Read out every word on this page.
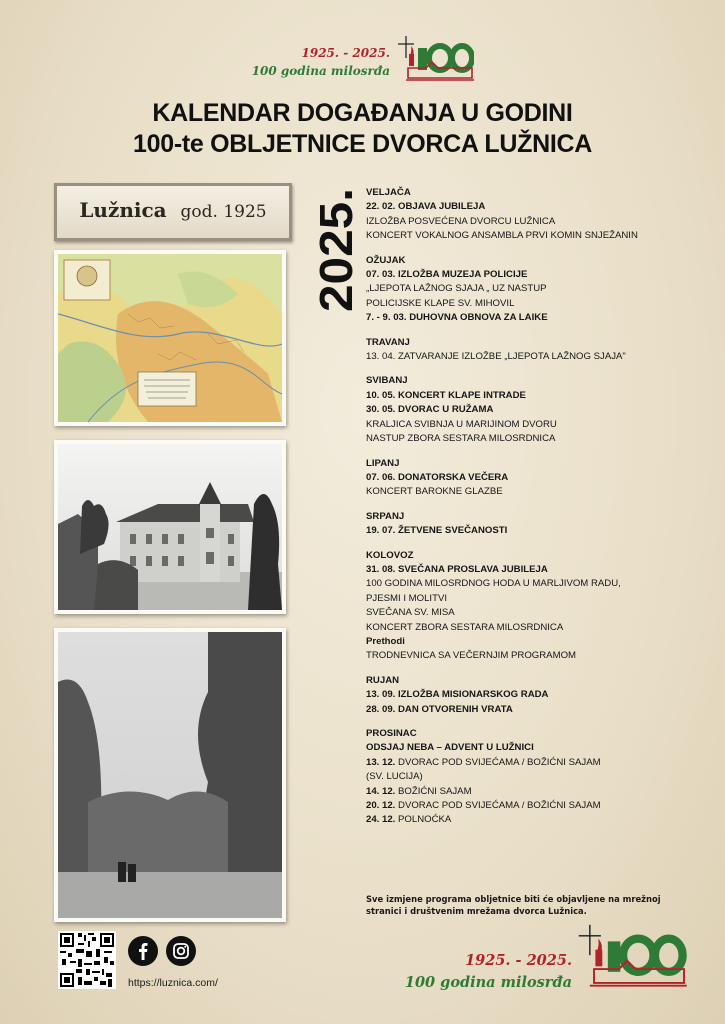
1925. - 2025.
100 godina milosrđa
KALENDAR DOGAĐANJA U GODINI
100-te OBLJETNICE DVORCA LUŽNICA
Lužnica god. 1925 2025.
VELJAČA
22. 02. OBJAVA JUBILEJA
IZLOŽBA POSVEĆENA DVORCU LUŽNICA
KONCERT VOKALNOG ANSAMBLA PRVI KOMIN SNJEŽANIN
OŽUJAK
07. 03. IZLOŽBA MUZEJA POLICIJE
„LJEPOTA LAŽNOG SJAJA „ UZ NASTUP
POLICIJSKE KLAPE SV. MIHOVIL
7. - 9. 03. DUHOVNA OBNOVA ZA LAIKE
TRAVANJ
13. 04. ZATVARANJE IZLOŽBE „LJEPOTA LAŽNOG SJAJA"
SVIBANJ
10. 05. KONCERT KLAPE INTRADE
30. 05. DVORAC U RUŽAMA
KRALJICA SVIBNJA U MARIJINOM DVORU
NASTUP ZBORA SESTARA MILOSRDNICA
LIPANJ
07. 06. DONATORSKA VEČERA
KONCERT BAROKNE GLAZBE
SRPANJ
19. 07. ŽETVENE SVEČANOSTI
KOLOVOZ
31. 08. SVEČANA PROSLAVA JUBILEJA
100 GODINA MILOSRDNOG HODA U MARLJIVOM RADU,
PJESMI I MOLITVI
SVEČANA SV. MISA
KONCERT ZBORA SESTARA MILOSRDNICA
Prethodi
TRODNEVNICA SA VEČERNJIM PROGRAMOM
RUJAN
13. 09. IZLOŽBA MISIONARSKOG RADA
28. 09. DAN OTVORENIH VRATA
PROSINAC
ODSJAJ NEBA – ADVENT U LUŽNICI
13. 12. DVORAC POD SVIJEĆAMA / BOŽIĆNI SAJAM
(SV. LUCIJA)
14. 12. BOŽIĆNI SAJAM
20. 12. DVORAC POD SVIJEĆAMA / BOŽIĆNI SAJAM
24. 12. POLNOĆKA
Sve izmjene programa obljetnice biti će objavljene na mrežnoj stranici i društvenim mrežama dvorca Lužnica.
https://luznica.com/
1925. - 2025.
100 godina milosrđa
